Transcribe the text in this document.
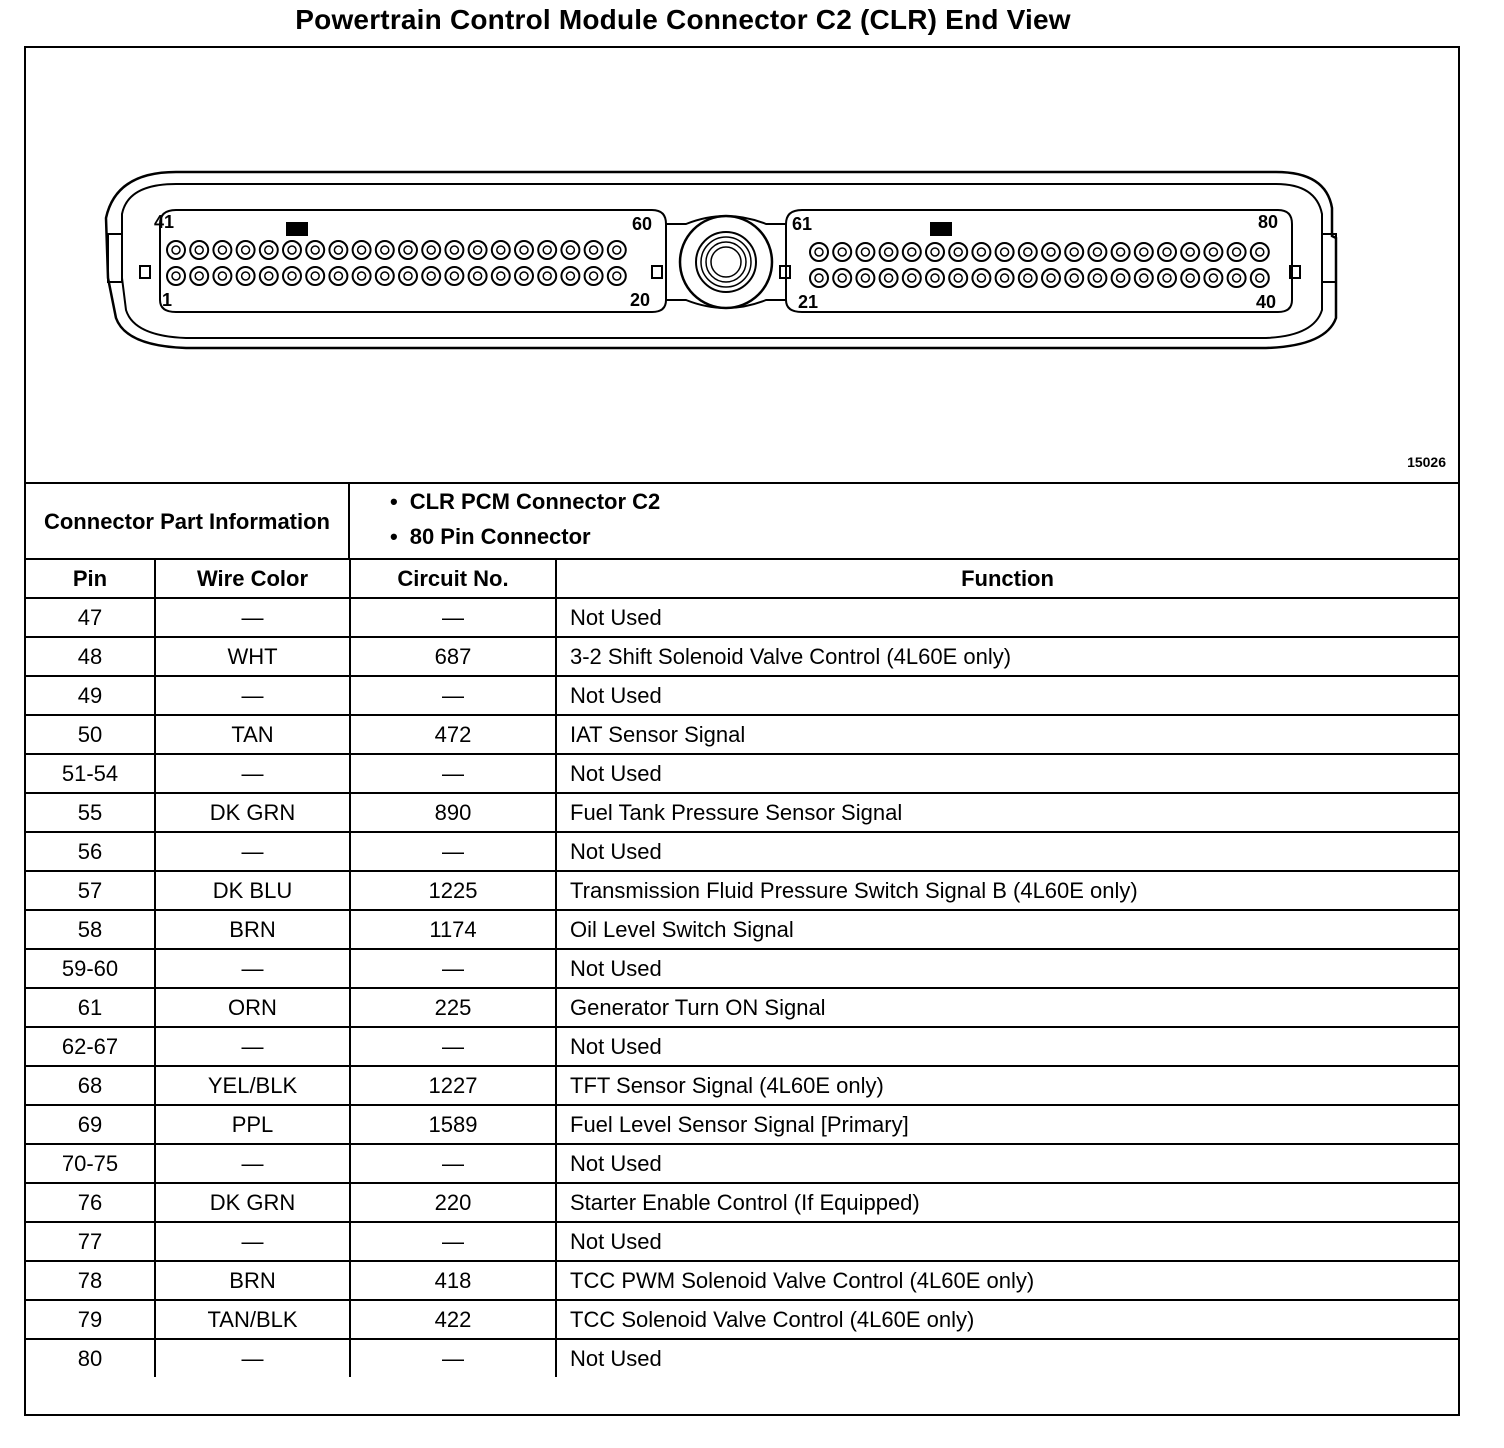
Powertrain Control Module Connector C2 (CLR) End View
41	60
1	20
61	80
21	40
15026
Connector Part Information
• CLR PCM Connector C2
• 80 Pin Connector
Pin	Wire Color	Circuit No.	Function
47	—	—	Not Used
48	WHT	687	3-2 Shift Solenoid Valve Control (4L60E only)
49	—	—	Not Used
50	TAN	472	IAT Sensor Signal
51-54	—	—	Not Used
55	DK GRN	890	Fuel Tank Pressure Sensor Signal
56	—	—	Not Used
57	DK BLU	1225	Transmission Fluid Pressure Switch Signal B (4L60E only)
58	BRN	1174	Oil Level Switch Signal
59-60	—	—	Not Used
61	ORN	225	Generator Turn ON Signal
62-67	—	—	Not Used
68	YEL/BLK	1227	TFT Sensor Signal (4L60E only)
69	PPL	1589	Fuel Level Sensor Signal [Primary]
70-75	—	—	Not Used
76	DK GRN	220	Starter Enable Control (If Equipped)
77	—	—	Not Used
78	BRN	418	TCC PWM Solenoid Valve Control (4L60E only)
79	TAN/BLK	422	TCC Solenoid Valve Control (4L60E only)
80	—	—	Not Used
